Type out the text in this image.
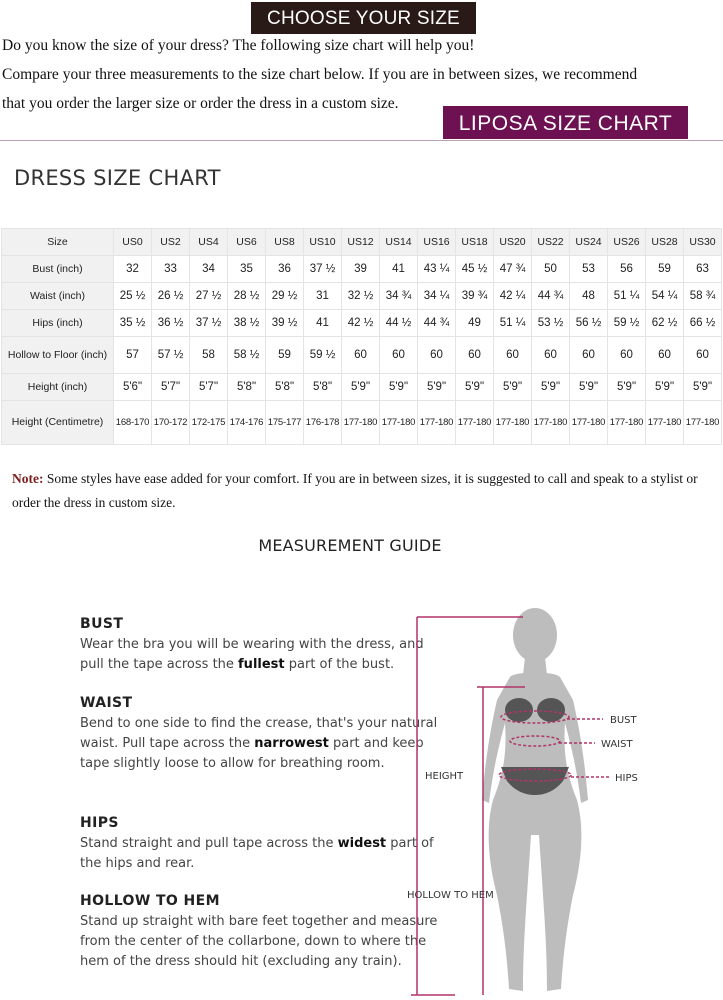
CHOOSE YOUR SIZE
Do you know the size of your dress? The following size chart will help you!
Compare your three measurements to the size chart below. If you are in between sizes, we recommend
that you order the larger size or order the dress in a custom size.
LIPOSA SIZE CHART
DRESS SIZE CHART
Size	US0	US2	US4	US6	US8	US10	US12	US14	US16	US18	US20	US22	US24	US26	US28	US30
Bust (inch)	32	33	34	35	36	37 ½	39	41	43 ¼	45 ½	47 ¾	50	53	56	59	63
Waist (inch)	25 ½	26 ½	27 ½	28 ½	29 ½	31	32 ½	34 ¾	34 ¼	39 ¾	42 ¼	44 ¾	48	51 ¼	54 ¼	58 ¾
Hips (inch)	35 ½	36 ½	37 ½	38 ½	39 ½	41	42 ½	44 ½	44 ¾	49	51 ¼	53 ½	56 ½	59 ½	62 ½	66 ½
Hollow to Floor (inch)	57	57 ½	58	58 ½	59	59 ½	60	60	60	60	60	60	60	60	60	60
Height (inch)	5'6"	5'7"	5'7"	5'8"	5'8"	5'8"	5'9"	5'9"	5'9"	5'9"	5'9"	5'9"	5'9"	5'9"	5'9"	5'9"
Height (Centimetre)	168-170	170-172	172-175	174-176	175-177	176-178	177-180	177-180	177-180	177-180	177-180	177-180	177-180	177-180	177-180	177-180
Note: Some styles have ease added for your comfort. If you are in between sizes, it is suggested to call and speak to a stylist or order the dress in custom size.
MEASUREMENT GUIDE
BUST

Wear the bra you will be wearing with the dress, and pull the tape across the fullest part of the bust.

WAIST

Bend to one side to find the crease, that's your natural waist. Pull tape across the narrowest part and keep tape slightly loose to allow for breathing room.

HIPS

Stand straight and pull tape across the widest part of the hips and rear.

HOLLOW TO HEM

Stand up straight with bare feet together and measure from the center of the collarbone, down to where the hem of the dress should hit (excluding any train).

HEIGHT
HOLLOW TO HEM
BUST
WAIST
HIPS
